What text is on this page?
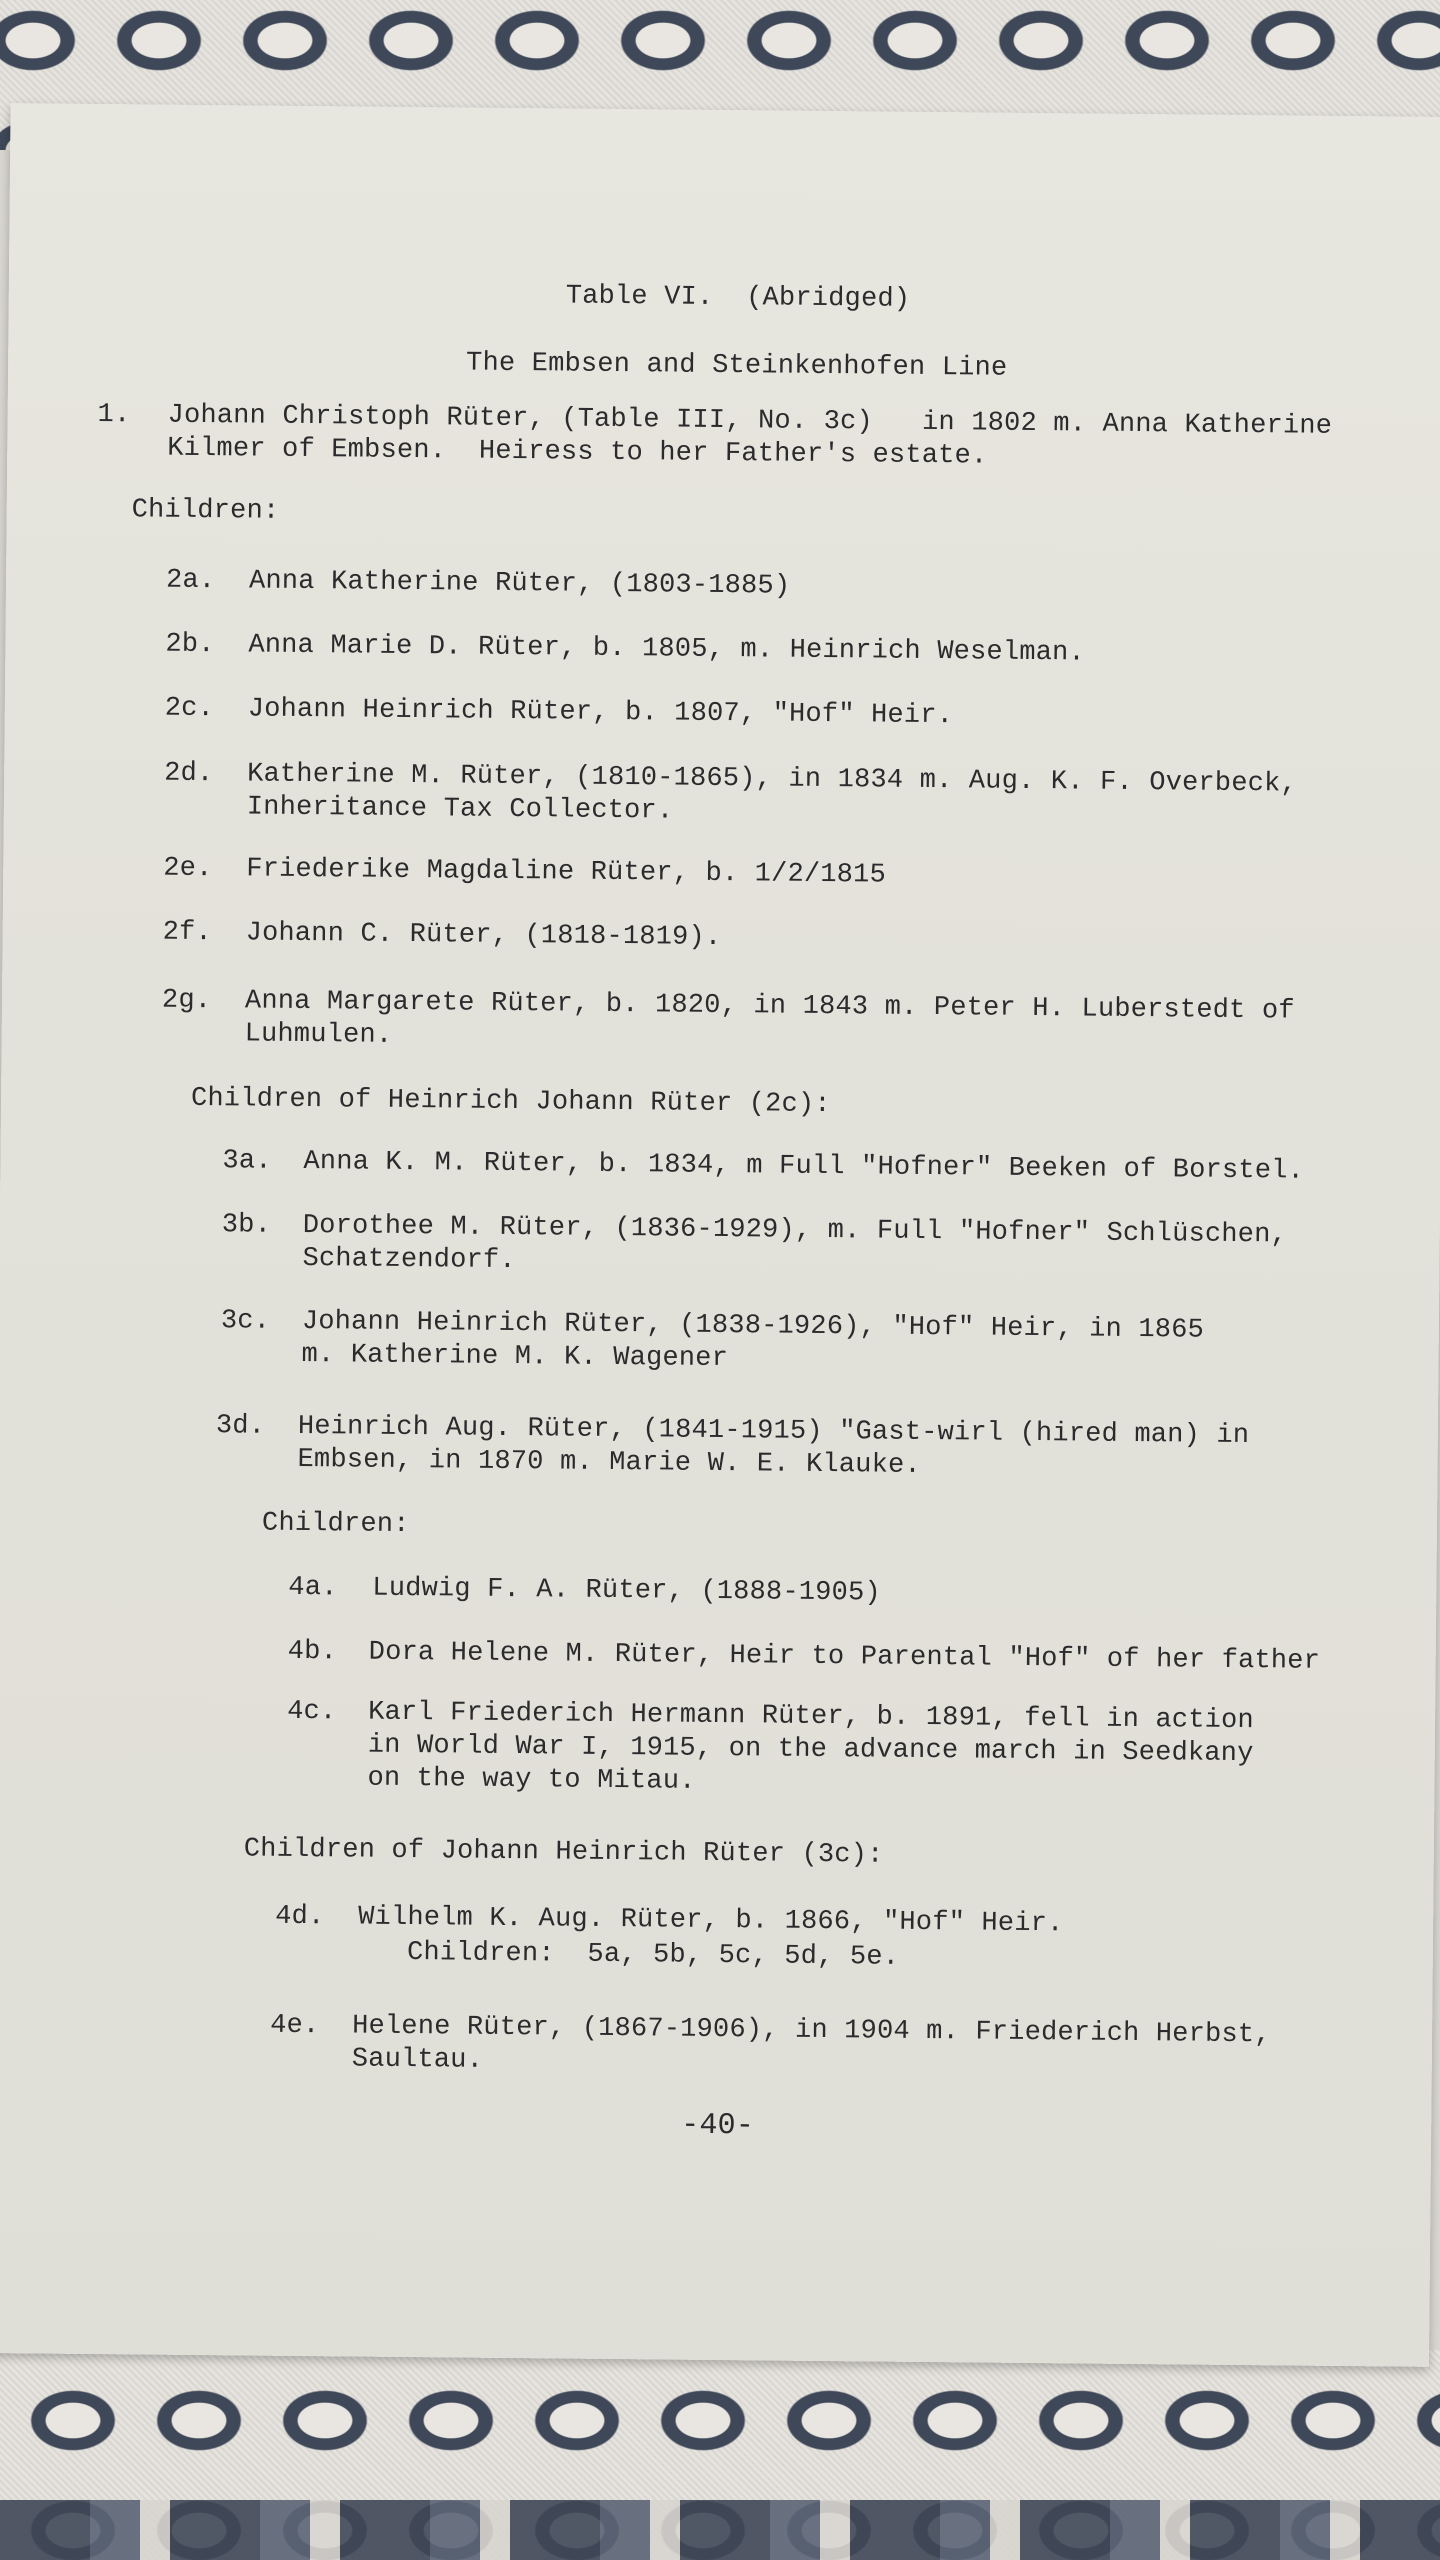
Table VI.  (Abridged)
The Embsen and Steinkenhofen Line
1. Johann Christoph Rüter, (Table III, No. 3c)   in 1802 m. Anna Katherine
Kilmer of Embsen.  Heiress to her Father's estate.
Children:
2a. Anna Katherine Rüter, (1803-1885)
2b. Anna Marie D. Rüter, b. 1805, m. Heinrich Weselman.
2c. Johann Heinrich Rüter, b. 1807, "Hof" Heir.
2d. Katherine M. Rüter, (1810-1865), in 1834 m. Aug. K. F. Overbeck,
Inheritance Tax Collector.
2e. Friederike Magdaline Rüter, b. 1/2/1815
2f. Johann C. Rüter, (1818-1819).
2g. Anna Margarete Rüter, b. 1820, in 1843 m. Peter H. Luberstedt of
Luhmulen.
Children of Heinrich Johann Rüter (2c):
3a. Anna K. M. Rüter, b. 1834, m Full "Hofner" Beeken of Borstel.
3b. Dorothee M. Rüter, (1836-1929), m. Full "Hofner" Schlüschen,
Schatzendorf.
3c. Johann Heinrich Rüter, (1838-1926), "Hof" Heir, in 1865
m. Katherine M. K. Wagener
3d. Heinrich Aug. Rüter, (1841-1915) "Gast-wirl (hired man) in
Embsen, in 1870 m. Marie W. E. Klauke.
Children:
4a. Ludwig F. A. Rüter, (1888-1905)
4b. Dora Helene M. Rüter, Heir to Parental "Hof" of her father
4c. Karl Friederich Hermann Rüter, b. 1891, fell in action
in World War I, 1915, on the advance march in Seedkany
on the way to Mitau.
Children of Johann Heinrich Rüter (3c):
4d. Wilhelm K. Aug. Rüter, b. 1866, "Hof" Heir.
Children:  5a, 5b, 5c, 5d, 5e.
4e. Helene Rüter, (1867-1906), in 1904 m. Friederich Herbst,
Saultau.
-40-
